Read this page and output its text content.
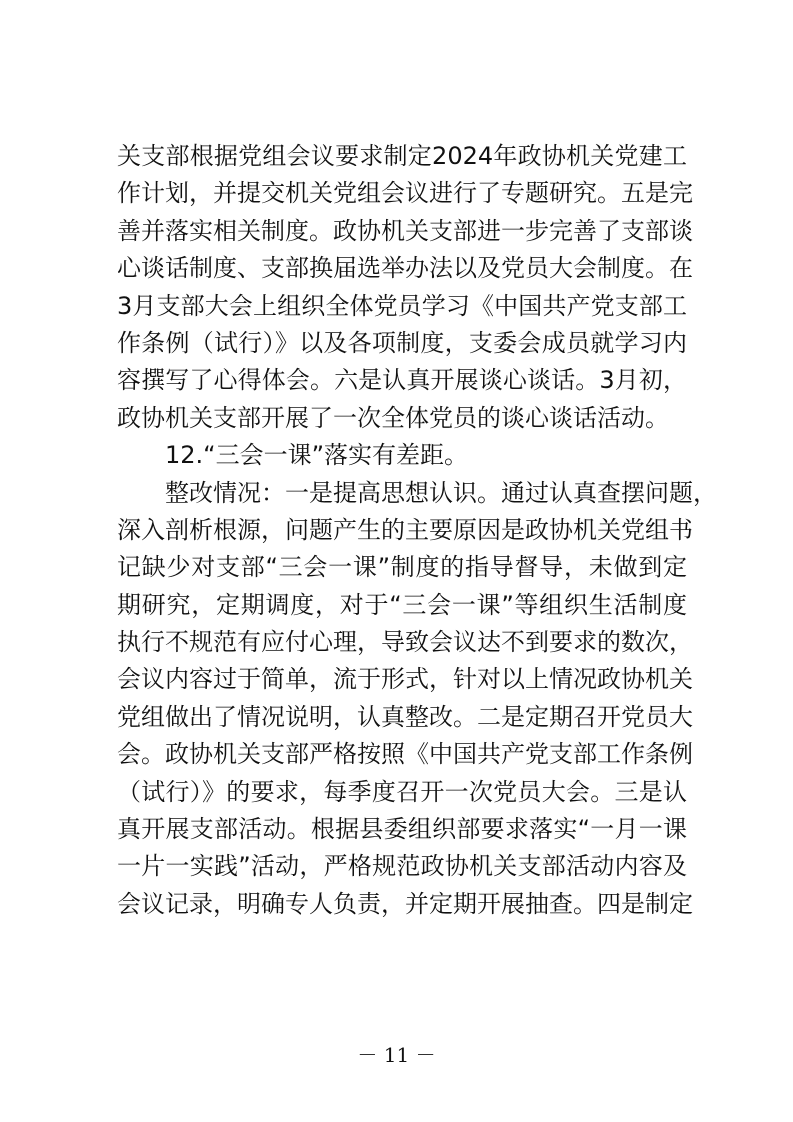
关支部根据党组会议要求制定2024年政协机关党建工
作计划，并提交机关党组会议进行了专题研究。五是完
善并落实相关制度。政协机关支部进一步完善了支部谈
心谈话制度、支部换届选举办法以及党员大会制度。在
3月支部大会上组织全体党员学习《中国共产党支部工
作条例（试行）》以及各项制度，支委会成员就学习内
容撰写了心得体会。六是认真开展谈心谈话。3月初，
政协机关支部开展了一次全体党员的谈心谈话活动。
12.“三会一课”落实有差距。
整改情况：一是提高思想认识。通过认真查摆问题，
深入剖析根源，问题产生的主要原因是政协机关党组书
记缺少对支部“三会一课”制度的指导督导，未做到定
期研究，定期调度，对于“三会一课”等组织生活制度
执行不规范有应付心理，导致会议达不到要求的数次，
会议内容过于简单，流于形式，针对以上情况政协机关
党组做出了情况说明，认真整改。二是定期召开党员大
会。政协机关支部严格按照《中国共产党支部工作条例
（试行）》的要求，每季度召开一次党员大会。三是认
真开展支部活动。根据县委组织部要求落实“一月一课
一片一实践”活动，严格规范政协机关支部活动内容及
会议记录，明确专人负责，并定期开展抽查。四是制定
－ 11 －
